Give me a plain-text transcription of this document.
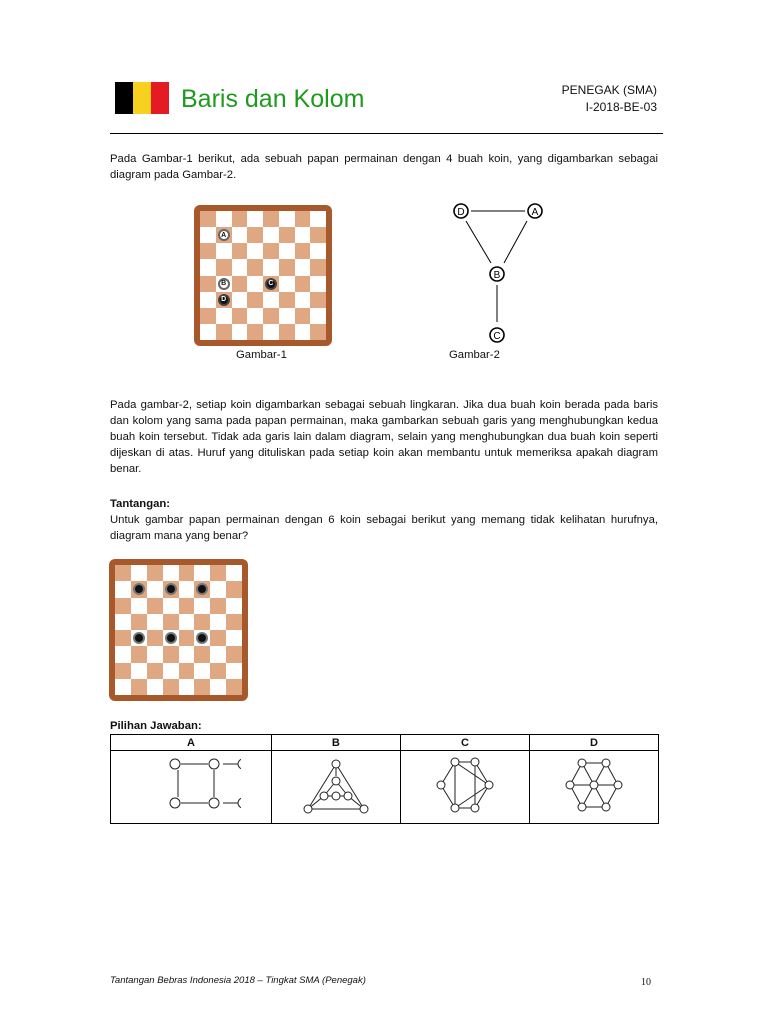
Baris dan Kolom	PENEGAK (SMA)
I-2018-BE-03
Pada Gambar-1 berikut, ada sebuah papan permainan dengan 4 buah koin, yang digambarkan sebagai diagram pada Gambar-2.
A
B	C
D
Gambar-1
D	A
B
C
Gambar-2
Pada gambar-2, setiap koin digambarkan sebagai sebuah lingkaran. Jika dua buah koin berada pada baris dan kolom yang sama pada papan permainan, maka gambarkan sebuah garis yang menghubungkan kedua buah koin tersebut. Tidak ada garis lain dalam diagram, selain yang menghubungkan dua buah koin seperti dijeskan di atas. Huruf yang dituliskan pada setiap koin akan membantu untuk memeriksa apakah diagram benar.
Tantangan:
Untuk gambar papan permainan dengan 6 koin sebagai berikut yang memang tidak kelihatan hurufnya, diagram mana yang benar?
Pilihan Jawaban:
A	B	C	D

Tantangan Bebras Indonesia 2018 – Tingkat SMA (Penegak)	10
